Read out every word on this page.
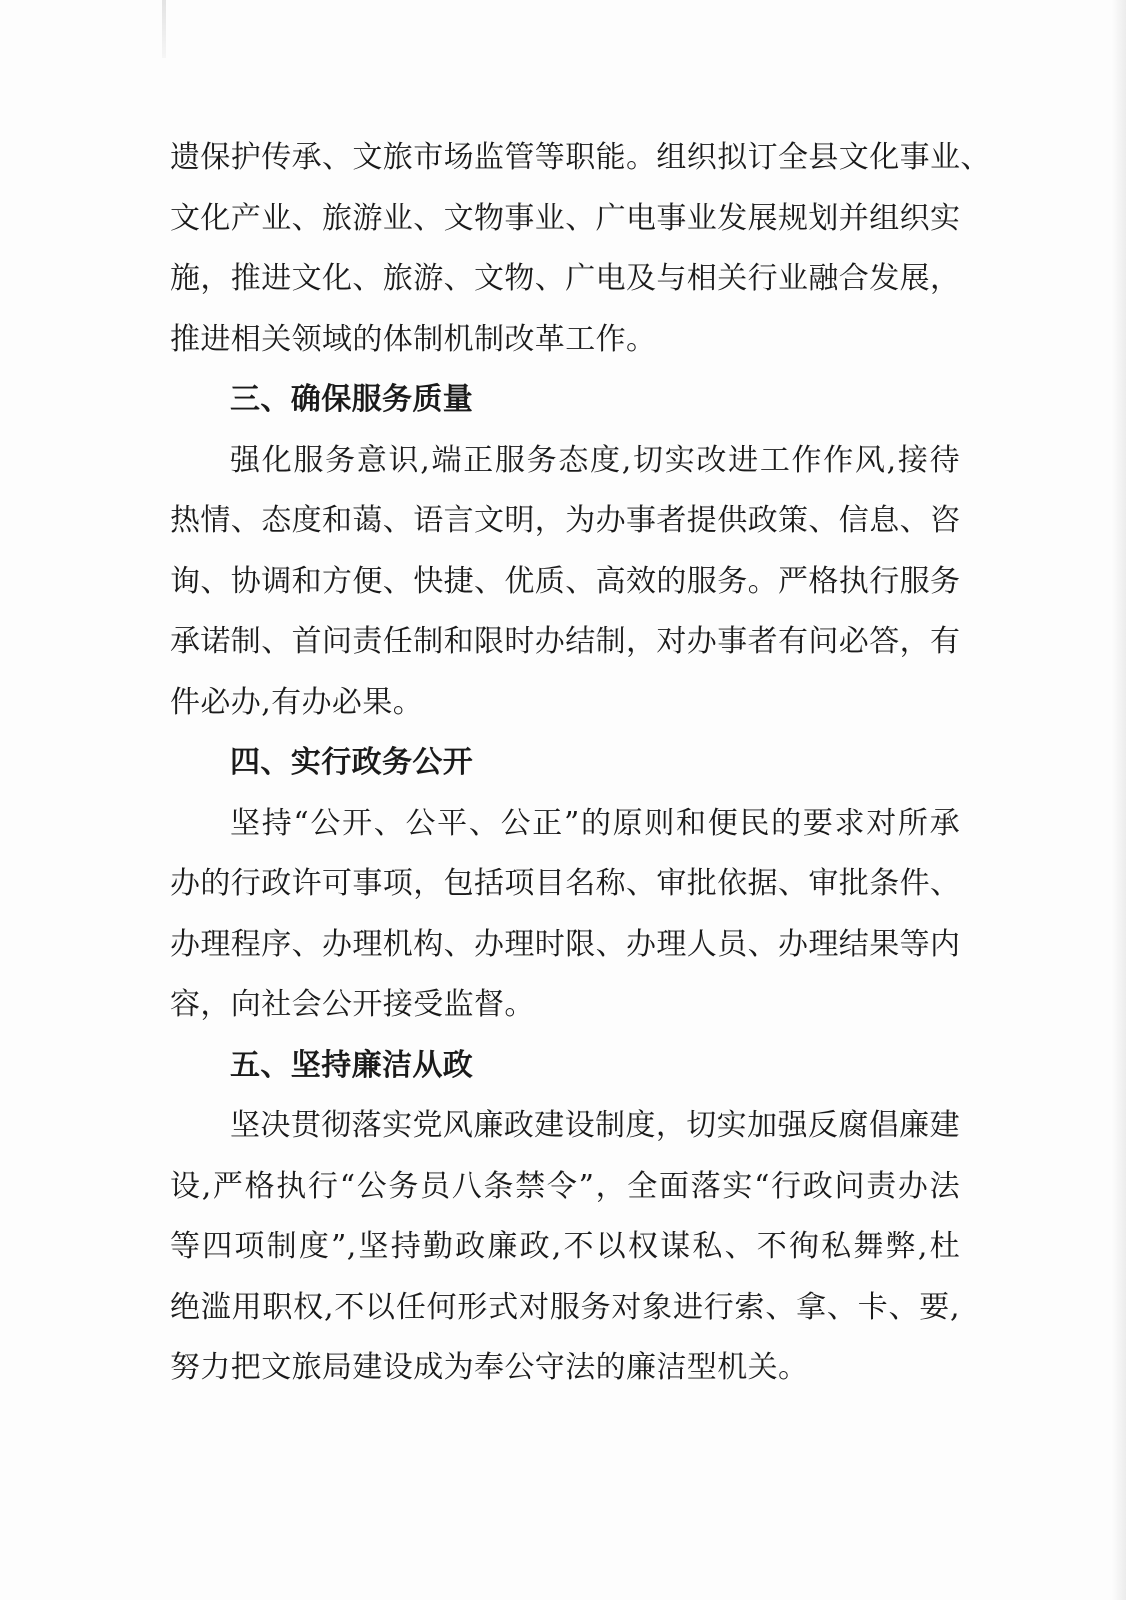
遗保护传承、文旅市场监管等职能。组织拟订全县文化事业、
文化产业、旅游业、文物事业、广电事业发展规划并组织实
施，推进文化、旅游、文物、广电及与相关行业融合发展，
推进相关领域的体制机制改革工作。
三、确保服务质量
强化服务意识,端正服务态度,切实改进工作作风,接待
热情、态度和蔼、语言文明，为办事者提供政策、信息、咨
询、协调和方便、快捷、优质、高效的服务。严格执行服务
承诺制、首问责任制和限时办结制，对办事者有问必答，有
件必办,有办必果。
四、实行政务公开
坚持“公开、公平、公正”的原则和便民的要求对所承
办的行政许可事项，包括项目名称、审批依据、审批条件、
办理程序、办理机构、办理时限、办理人员、办理结果等内
容，向社会公开接受监督。
五、坚持廉洁从政
坚决贯彻落实党风廉政建设制度，切实加强反腐倡廉建
设,严格执行“公务员八条禁令”，全面落实“行政问责办法
等四项制度”,坚持勤政廉政,不以权谋私、不徇私舞弊,杜
绝滥用职权,不以任何形式对服务对象进行索、拿、卡、要,
努力把文旅局建设成为奉公守法的廉洁型机关。
